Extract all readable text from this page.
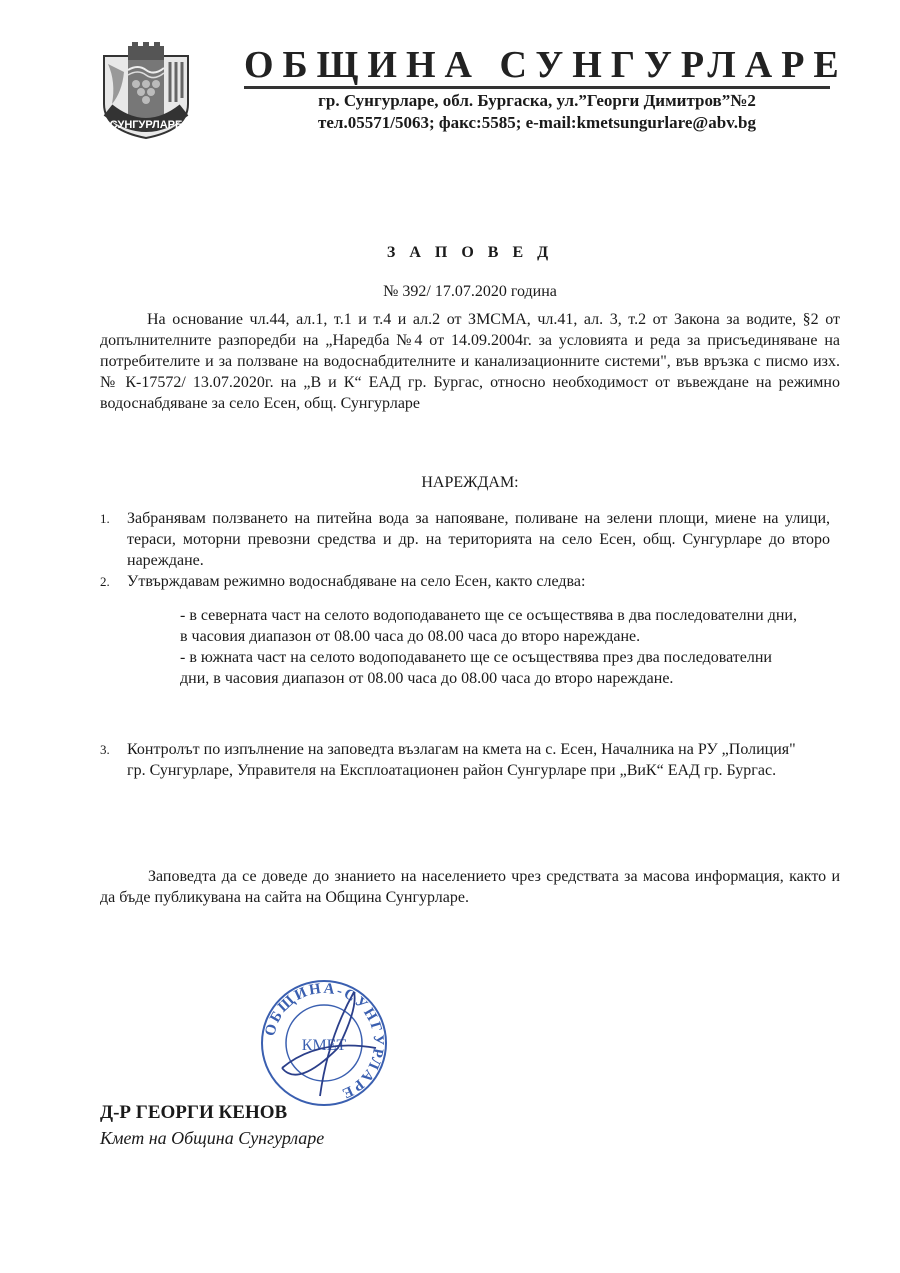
СУНГУРЛАРЕ
ОБЩИНА СУНГУРЛАРЕ
гр. Сунгурларе, обл. Бургаска, ул.”Георги Димитров”№2
тел.05571/5063; факс:5585; e-mail:kmetsungurlare@abv.bg
З А П О В Е Д
№ 392/ 17.07.2020 година
На основание чл.44, ал.1, т.1 и т.4 и ал.2 от ЗМСМА, чл.41, ал. 3, т.2 от Закона за водите, §2 от допълнителните разпоредби на „Наредба №4 от 14.09.2004г. за условията и реда за присъединяване на потребителите и за ползване на водоснабдителните и канализационните системи", във връзка с писмо изх.№ К-17572/ 13.07.2020г. на „В и К“ ЕАД гр. Бургас, относно необходимост от въвеждане на режимно водоснабдяване за село Есен, общ. Сунгурларе
НАРЕЖДАМ:
1. Забранявам ползването на питейна вода за напояване, поливане на зелени площи, миене на улици, тераси, моторни превозни средства и др. на територията на село Есен, общ. Сунгурларе до второ нареждане.
2. Утвърждавам режимно водоснабдяване на село Есен, както следва:
- в северната част на селото водоподаването ще се осъществява в два последователни дни, в часовия диапазон от 08.00 часа до 08.00 часа до второ нареждане.
- в южната част на селото водоподаването ще се осъществява през два последователни дни, в часовия диапазон от 08.00 часа до 08.00 часа до второ нареждане.
3. Контролът по изпълнение на заповедта възлагам на кмета на с. Есен, Началника на РУ „Полиция" гр. Сунгурларе, Управителя на Експлоатационен район Сунгурларе при „ВиК“ ЕАД гр. Бургас.
Заповедта да се доведе до знанието на населението чрез средствата за масова информация, както и да бъде публикувана на сайта на Община Сунгурларе.
ОБЩИНА-СУНГУРЛАРЕ
КМЕТ
Д-Р ГЕОРГИ КЕНОВ
Кмет на Община Сунгурларе
